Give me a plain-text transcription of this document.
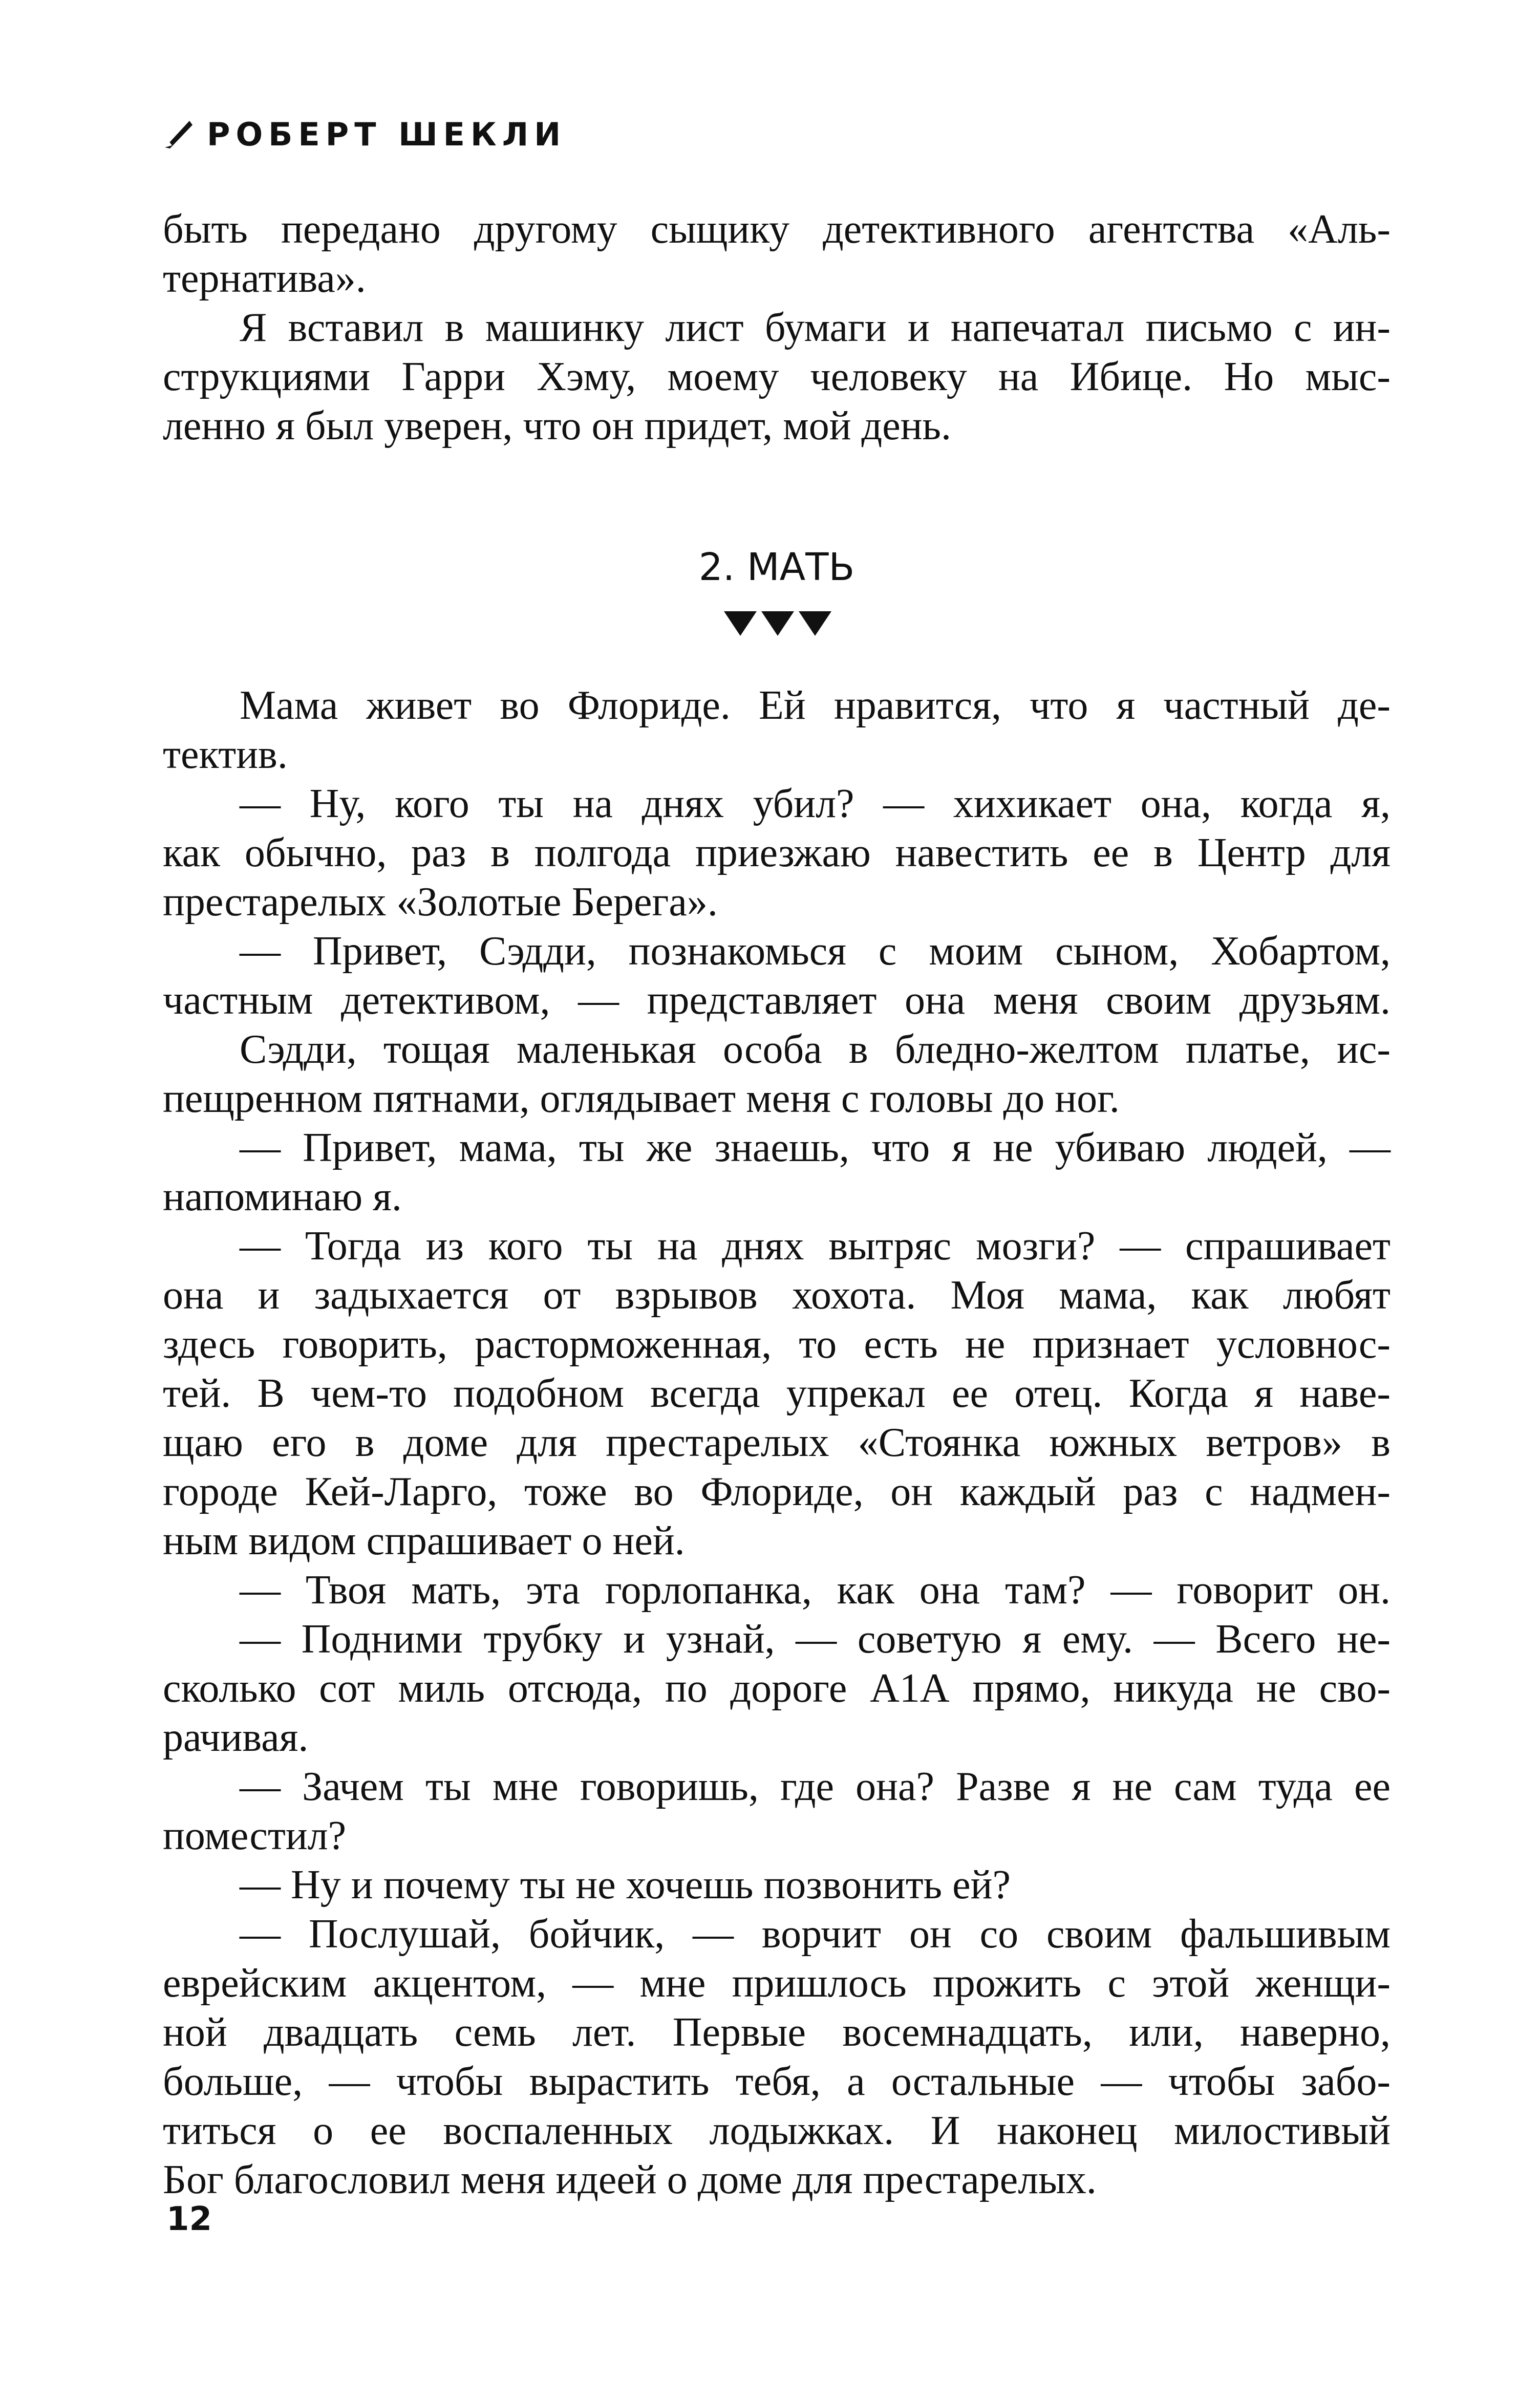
РОБЕРТ ШЕКЛИ
быть передано другому сыщику детективного агентства «Аль-
тернатива».
Я вставил в машинку лист бумаги и напечатал письмо с ин-
струкциями Гарри Хэму, моему человеку на Ибице. Но мыс-
ленно я был уверен, что он придет, мой день.
2. МАТЬ
Мама живет во Флориде. Ей нравится, что я частный де-
тектив.
— Ну, кого ты на днях убил? — хихикает она, когда я,
как обычно, раз в полгода приезжаю навестить ее в Центр для
престарелых «Золотые Берега».
— Привет, Сэдди, познакомься с моим сыном, Хобартом,
частным детективом, — представляет она меня своим друзьям.
Сэдди, тощая маленькая особа в бледно-желтом платье, ис-
пещренном пятнами, оглядывает меня с головы до ног.
— Привет, мама, ты же знаешь, что я не убиваю людей, —
напоминаю я.
— Тогда из кого ты на днях вытряс мозги? — спрашивает
она и задыхается от взрывов хохота. Моя мама, как любят
здесь говорить, расторможенная, то есть не признает условнос-
тей. В чем-то подобном всегда упрекал ее отец. Когда я наве-
щаю его в доме для престарелых «Стоянка южных ветров» в
городе Кей-Ларго, тоже во Флориде, он каждый раз с надмен-
ным видом спрашивает о ней.
— Твоя мать, эта горлопанка, как она там? — говорит он.
— Подними трубку и узнай, — советую я ему. — Всего не-
сколько сот миль отсюда, по дороге А1А прямо, никуда не сво-
рачивая.
— Зачем ты мне говоришь, где она? Разве я не сам туда ее
поместил?
— Ну и почему ты не хочешь позвонить ей?
— Послушай, бойчик, — ворчит он со своим фальшивым
еврейским акцентом, — мне пришлось прожить с этой женщи-
ной двадцать семь лет. Первые восемнадцать, или, наверно,
больше, — чтобы вырастить тебя, а остальные — чтобы забо-
титься о ее воспаленных лодыжках. И наконец милостивый
Бог благословил меня идеей о доме для престарелых.
12
